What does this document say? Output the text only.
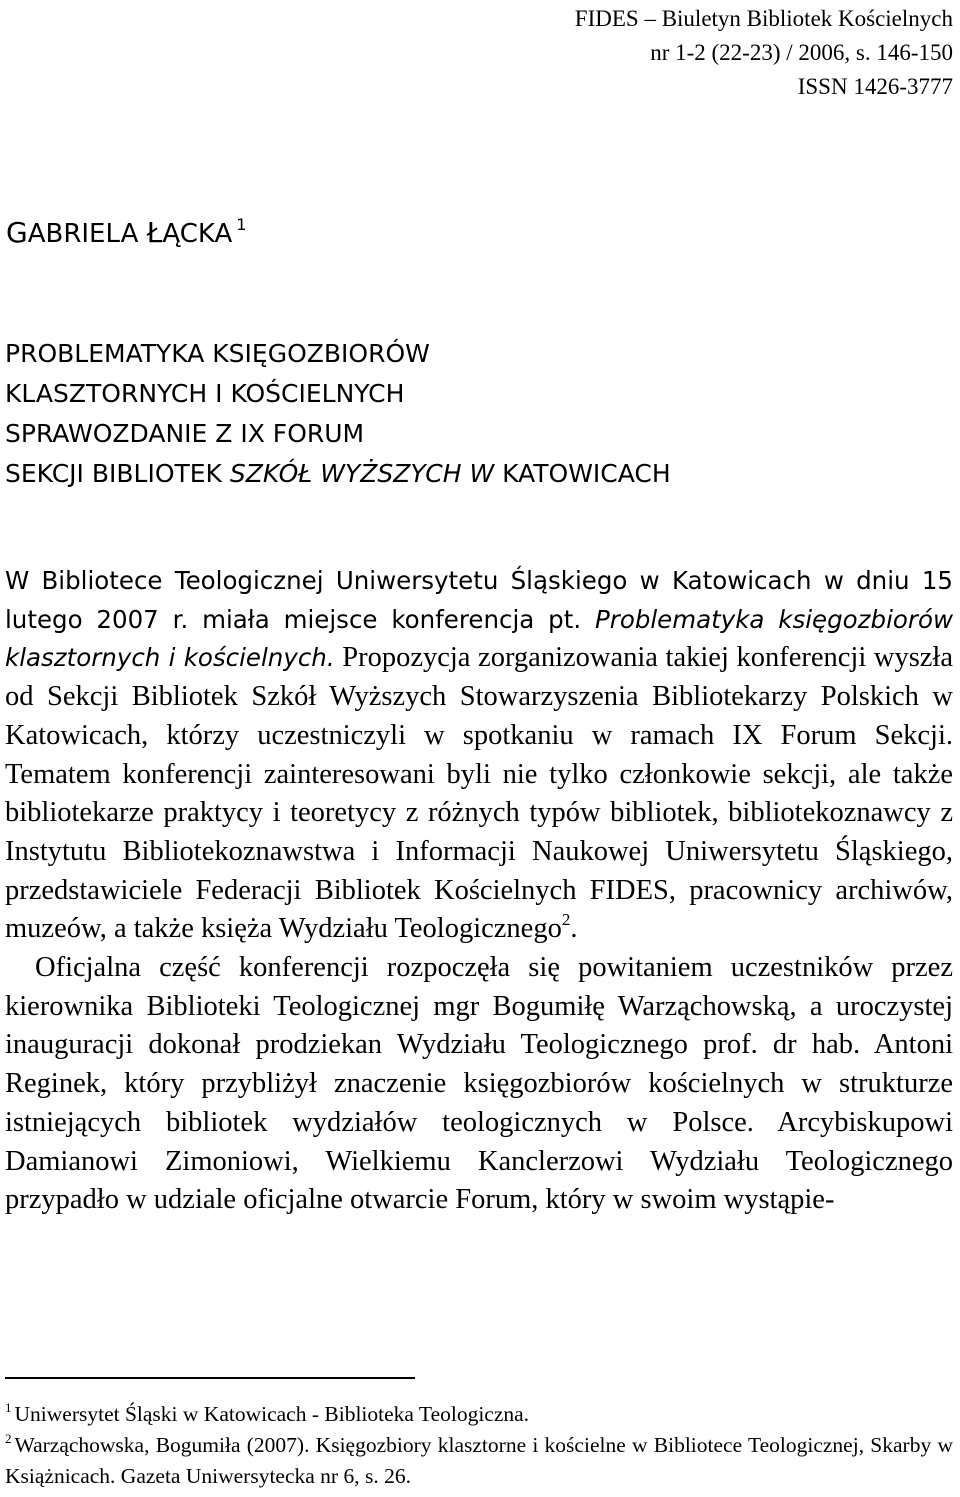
FIDES – Biuletyn Bibliotek Kościelnych
nr 1-2 (22-23) / 2006, s. 146-150
ISSN 1426-3777
GABRIELA ŁĄCKA $^1$
PROBLEMATYKA KSIĘGOZBIORÓW
KLASZTORNYCH I KOŚCIELNYCH
SPRAWOZDANIE Z IX FORUM
SEKCJI BIBLIOTEK SZKÓŁ WYŻSZYCH W KATOWICACH

W Bibliotece Teologicznej Uniwersytetu Śląskiego w Katowicach w dniu 15 lutego 2007 r. miała miejsce konferencja pt. Problematyka księgozbiorów klasztornych i kościelnych. Propozycja zorganizowania takiej konferencji wyszła od Sekcji Bibliotek Szkół Wyższych Stowarzyszenia Bibliotekarzy Polskich w Katowicach, którzy uczestniczyli w spotkaniu w ramach IX Forum Sekcji. Tematem konferencji zainteresowani byli nie tylko członkowie sekcji, ale także bibliotekarze praktycy i teoretycy z różnych typów bibliotek, bibliotekoznawcy z Instytutu Bibliotekoznawstwa i Informacji Naukowej Uniwersytetu Śląskiego, przedstawiciele Federacji Bibliotek Kościelnych FIDES, pracownicy archiwów, muzeów, a także księża Wydziału Teologicznego$^2$.

Oficjalna część konferencji rozpoczęła się powitaniem uczestników przez kierownika Biblioteki Teologicznej mgr Bogumiłę Warząchowską, a uroczystej inauguracji dokonał prodziekan Wydziału Teologicznego prof. dr hab. Antoni Reginek, który przybliżył znaczenie księgozbiorów kościelnych w strukturze istniejących bibliotek wydziałów teologicznych w Polsce. Arcybiskupowi Damianowi Zimoniowi, Wielkiemu Kanclerzowi Wydziału Teologicznego przypadło w udziale oficjalne otwarcie Forum, który w swoim wystąpie-

$^1$ Uniwersytet Śląski w Katowicach - Biblioteka Teologiczna.

$^2$ Warząchowska, Bogumiła (2007). Księgozbiory klasztorne i kościelne w Bibliotece Teologicznej, Skarby w Książnicach. Gazeta Uniwersytecka nr 6, s. 26.
